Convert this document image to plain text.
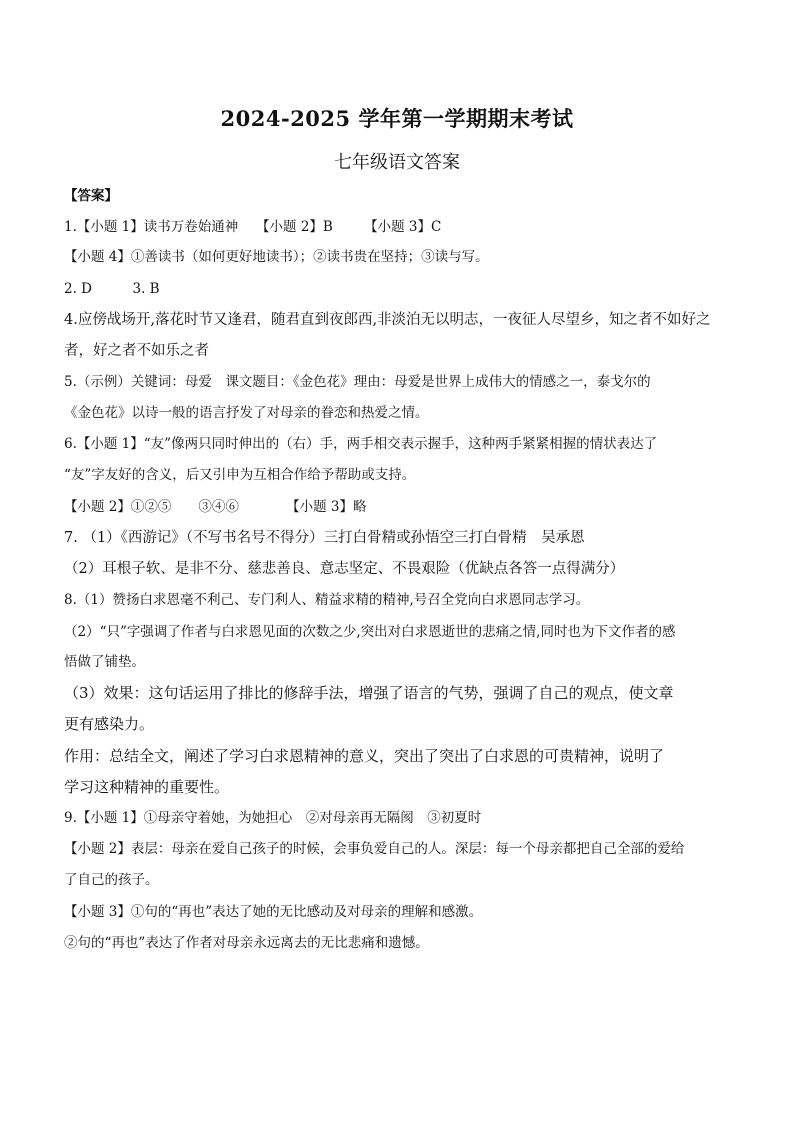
2024-2025 学年第一学期期末考试
七年级语文答案
【答案】
1.【小题 1】读书万卷始通神　 【小题 2】B　　 【小题 3】C
【小题 4】①善读书（如何更好地读书）；②读书贵在坚持；③读与写。
2. D　　　3. B
4.应傍战场开,落花时节又逢君，随君直到夜郎西,非淡泊无以明志，一夜征人尽望乡，知之者不如好之
者，好之者不如乐之者
5.（示例）关键词：母爱　课文题目：《金色花》理由：母爱是世界上成伟大的情感之一，泰戈尔的
《金色花》以诗一般的语言抒发了对母亲的眷恋和热爱之情。
6.【小题 1】“友”像两只同时伸出的（右）手，两手相交表示握手，这种两手紧紧相握的情状表达了
“友”字友好的含义，后又引申为互相合作给予帮助或支持。
【小题 2】①②⑤　　③④⑥　　　　【小题 3】略
7. （1）《西游记》（不写书名号不得分）三打白骨精或孙悟空三打白骨精　吴承恩
（2）耳根子软、是非不分、慈悲善良、意志坚定、不畏艰险（优缺点各答一点得满分）
8.（1）赞扬白求恩毫不利己、专门利人、精益求精的精神,号召全党向白求恩同志学习。
（2）“只”字强调了作者与白求恩见面的次数之少,突出对白求恩逝世的悲痛之情,同时也为下文作者的感
悟做了铺垫。
（3）效果：这句话运用了排比的修辞手法，增强了语言的气势，强调了自己的观点，使文章
更有感染力。
作用：总结全文，阐述了学习白求恩精神的意义，突出了突出了白求恩的可贵精神，说明了
学习这种精神的重要性。
9.【小题 1】①母亲守着她，为她担心　②对母亲再无隔阂　③初夏时
【小题 2】表层：母亲在爱自己孩子的时候，会事负爱自己的人。深层：每一个母亲都把自己全部的爱给
了自己的孩子。
【小题 3】①句的“再也”表达了她的无比感动及对母亲的理解和感激。
②句的“再也”表达了作者对母亲永远离去的无比悲痛和遗憾。
